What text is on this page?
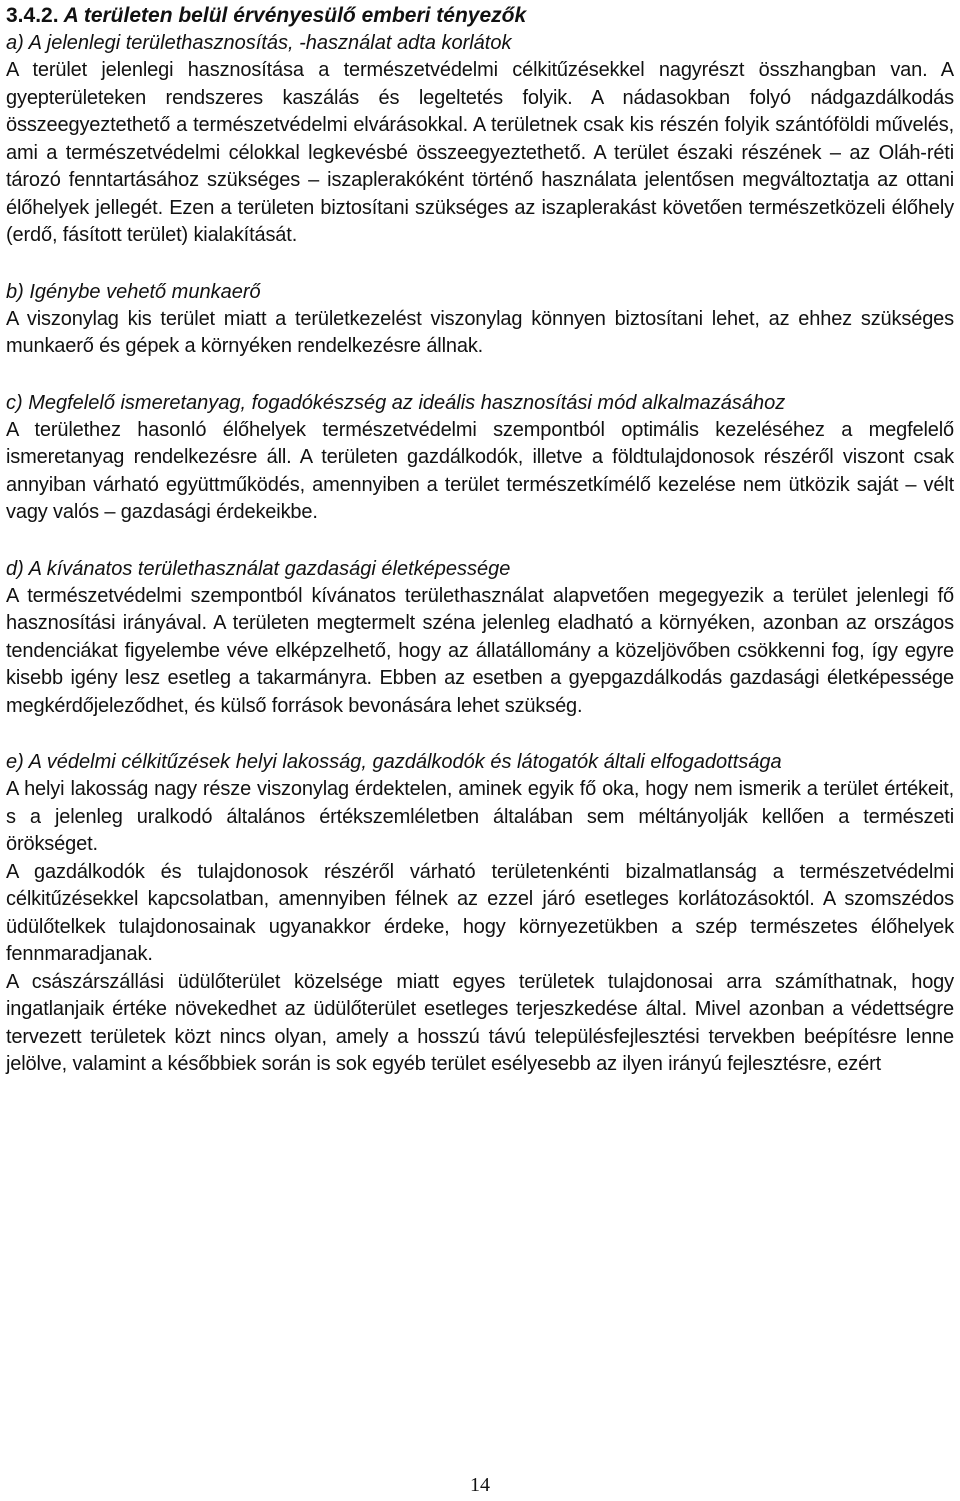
3.4.2. A területen belül érvényesülő emberi tényezők
a) A jelenlegi területhasznosítás, -használat adta korlátok

A terület jelenlegi hasznosítása a természetvédelmi célkitűzésekkel nagyrészt összhangban van. A gyepterületeken rendszeres kaszálás és legeltetés folyik. A nádasokban folyó nádgazdálkodás összeegyeztethető a természetvédelmi elvárásokkal. A területnek csak kis részén folyik szántóföldi művelés, ami a természetvédelmi célokkal legkevésbé összeegyeztethető. A terület északi részének – az Oláh-réti tározó fenntartásához szükséges – iszaplerakóként történő használata jelentősen megváltoztatja az ottani élőhelyek jellegét. Ezen a területen biztosítani szükséges az iszaplerakást követően természetközeli élőhely (erdő, fásított terület) kialakítását.

b) Igénybe vehető munkaerő

A viszonylag kis terület miatt a területkezelést viszonylag könnyen biztosítani lehet, az ehhez szükséges munkaerő és gépek a környéken rendelkezésre állnak.

c) Megfelelő ismeretanyag, fogadókészség az ideális hasznosítási mód alkalmazásához

A területhez hasonló élőhelyek természetvédelmi szempontból optimális kezeléséhez a megfelelő ismeretanyag rendelkezésre áll. A területen gazdálkodók, illetve a földtulajdonosok részéről viszont csak annyiban várható együttműködés, amennyiben a terület természetkímélő kezelése nem ütközik saját – vélt vagy valós – gazdasági érdekeikbe.

d) A kívánatos területhasználat gazdasági életképessége

A természetvédelmi szempontból kívánatos területhasználat alapvetően megegyezik a terület jelenlegi fő hasznosítási irányával. A területen megtermelt széna jelenleg eladható a környéken, azonban az országos tendenciákat figyelembe véve elképzelhető, hogy az állatállomány a közeljövőben csökkenni fog, így egyre kisebb igény lesz esetleg a takarmányra. Ebben az esetben a gyepgazdálkodás gazdasági életképessége megkérdőjeleződhet, és külső források bevonására lehet szükség.

e) A védelmi célkitűzések helyi lakosság, gazdálkodók és látogatók általi elfogadottsága

A helyi lakosság nagy része viszonylag érdektelen, aminek egyik fő oka, hogy nem ismerik a terület értékeit, s a jelenleg uralkodó általános értékszemléletben általában sem méltányolják kellően a természeti örökséget.

A gazdálkodók és tulajdonosok részéről várható területenkénti bizalmatlanság a természetvédelmi célkitűzésekkel kapcsolatban, amennyiben félnek az ezzel járó esetleges korlátozásoktól. A szomszédos üdülőtelkek tulajdonosainak ugyanakkor érdeke, hogy környezetükben a szép természetes élőhelyek fennmaradjanak.

A császárszállási üdülőterület közelsége miatt egyes területek tulajdonosai arra számíthatnak, hogy ingatlanjaik értéke növekedhet az üdülőterület esetleges terjeszkedése által. Mivel azonban a védettségre tervezett területek közt nincs olyan, amely a hosszú távú településfejlesztési tervekben beépítésre lenne jelölve, valamint a későbbiek során is sok egyéb terület esélyesebb az ilyen irányú fejlesztésre, ezért

14
